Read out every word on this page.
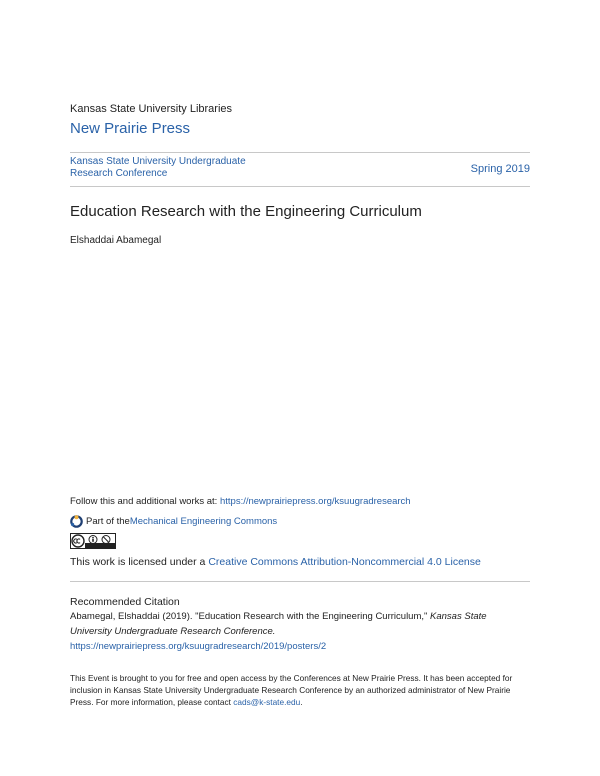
Kansas State University Libraries
New Prairie Press
Kansas State University Undergraduate
Research Conference	Spring 2019
Education Research with the Engineering Curriculum
Elshaddai Abamegal
Follow this and additional works at: https://newprairiepress.org/ksuugradresearch
Part of the Mechanical Engineering Commons
This work is licensed under a Creative Commons Attribution-Noncommercial 4.0 License
Recommended Citation
Abamegal, Elshaddai (2019). "Education Research with the Engineering Curriculum," Kansas State University Undergraduate Research Conference. https://newprairiepress.org/ksuugradresearch/2019/posters/2
This Event is brought to you for free and open access by the Conferences at New Prairie Press. It has been accepted for inclusion in Kansas State University Undergraduate Research Conference by an authorized administrator of New Prairie Press. For more information, please contact cads@k-state.edu.
